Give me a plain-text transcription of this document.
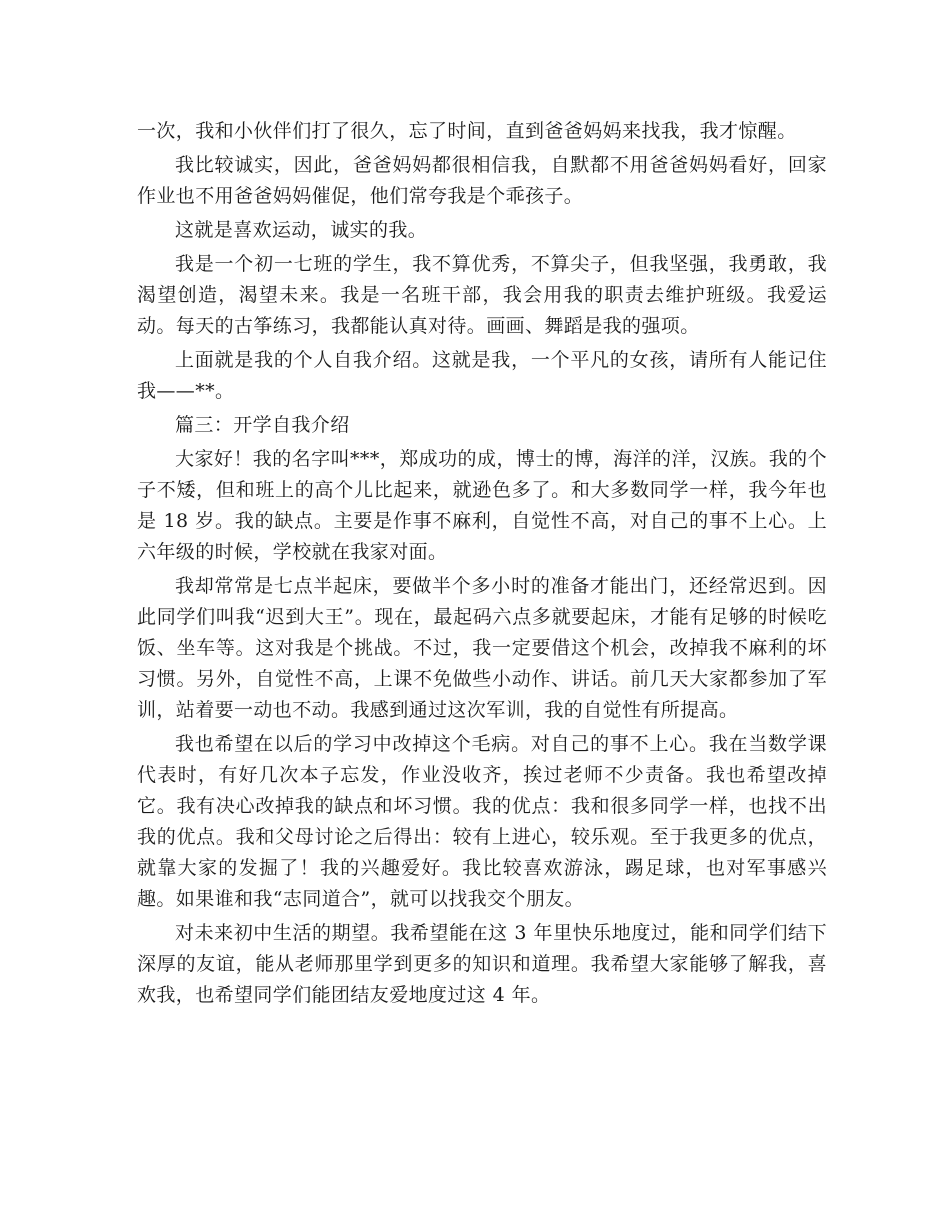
一次，我和小伙伴们打了很久，忘了时间，直到爸爸妈妈来找我，我才惊醒。

我比较诚实，因此，爸爸妈妈都很相信我，自默都不用爸爸妈妈看好，回家作业也不用爸爸妈妈催促，他们常夸我是个乖孩子。

这就是喜欢运动，诚实的我。

我是一个初一七班的学生，我不算优秀，不算尖子，但我坚强，我勇敢，我渴望创造，渴望未来。我是一名班干部，我会用我的职责去维护班级。我爱运动。每天的古筝练习，我都能认真对待。画画、舞蹈是我的强项。

上面就是我的个人自我介绍。这就是我，一个平凡的女孩，请所有人能记住我——**。

篇三：开学自我介绍

大家好！我的名字叫***，郑成功的成，博士的博，海洋的洋，汉族。我的个子不矮，但和班上的高个儿比起来，就逊色多了。和大多数同学一样，我今年也是 18 岁。我的缺点。主要是作事不麻利，自觉性不高，对自己的事不上心。上六年级的时候，学校就在我家对面。

我却常常是七点半起床，要做半个多小时的准备才能出门，还经常迟到。因此同学们叫我“迟到大王”。现在，最起码六点多就要起床，才能有足够的时候吃饭、坐车等。这对我是个挑战。不过，我一定要借这个机会，改掉我不麻利的坏习惯。另外，自觉性不高，上课不免做些小动作、讲话。前几天大家都参加了军训，站着要一动也不动。我感到通过这次军训，我的自觉性有所提高。

我也希望在以后的学习中改掉这个毛病。对自己的事不上心。我在当数学课代表时，有好几次本子忘发，作业没收齐，挨过老师不少责备。我也希望改掉它。我有决心改掉我的缺点和坏习惯。我的优点：我和很多同学一样，也找不出我的优点。我和父母讨论之后得出：较有上进心，较乐观。至于我更多的优点，就靠大家的发掘了！我的兴趣爱好。我比较喜欢游泳，踢足球，也对军事感兴趣。如果谁和我“志同道合”，就可以找我交个朋友。

对未来初中生活的期望。我希望能在这 3 年里快乐地度过，能和同学们结下深厚的友谊，能从老师那里学到更多的知识和道理。我希望大家能够了解我，喜欢我，也希望同学们能团结友爱地度过这 4 年。
